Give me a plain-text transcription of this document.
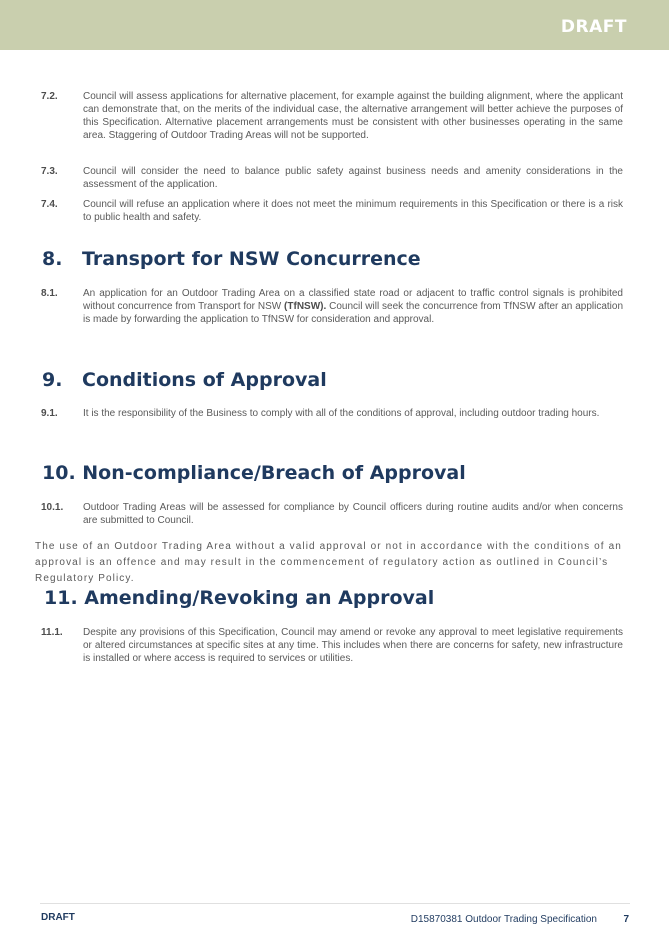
DRAFT
7.2.	Council will assess applications for alternative placement, for example against the building alignment, where the applicant can demonstrate that, on the merits of the individual case, the alternative arrangement will better achieve the purposes of this Specification. Alternative placement arrangements must be consistent with other businesses operating in the same area. Staggering of Outdoor Trading Areas will not be supported.
7.3.	Council will consider the need to balance public safety against business needs and amenity considerations in the assessment of the application.
7.4.	Council will refuse an application where it does not meet the minimum requirements in this Specification or there is a risk to public health and safety.
8. Transport for NSW Concurrence
8.1.	An application for an Outdoor Trading Area on a classified state road or adjacent to traffic control signals is prohibited without concurrence from Transport for NSW (TfNSW). Council will seek the concurrence from TfNSW after an application is made by forwarding the application to TfNSW for consideration and approval.
9. Conditions of Approval
9.1.	It is the responsibility of the Business to comply with all of the conditions of approval, including outdoor trading hours.
10. Non-compliance/Breach of Approval
10.1. Outdoor Trading Areas will be assessed for compliance by Council officers during routine audits and/or when concerns are submitted to Council.
The use of an Outdoor Trading Area without a valid approval or not in accordance with the conditions of an approval is an offence and may result in the commencement of regulatory action as outlined in Council’s Regulatory Policy.
11. Amending/Revoking an Approval
11.1. Despite any provisions of this Specification, Council may amend or revoke any approval to meet legislative requirements or altered circumstances at specific sites at any time. This includes when there are concerns for safety, new infrastructure is installed or where access is required to services or utilities.
DRAFT	D15870381 Outdoor Trading Specification	7
